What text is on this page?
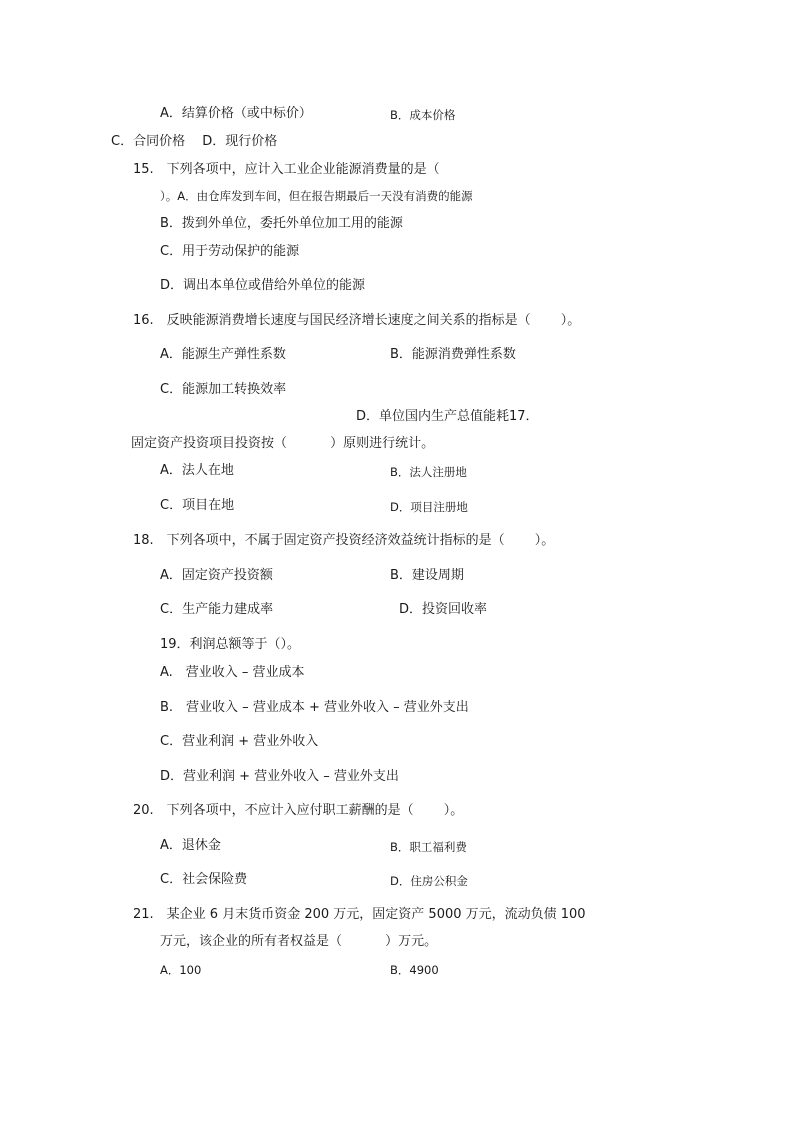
A．结算价格（或中标价）	B．成本价格
C．合同价格　 D．现行价格
15.　下列各项中，应计入工业企业能源消费量的是（
）。A．由仓库发到车间，但在报告期最后一天没有消费的能源
B．拨到外单位，委托外单位加工用的能源
C．用于劳动保护的能源
D．调出本单位或借给外单位的能源
16.　反映能源消费增长速度与国民经济增长速度之间关系的指标是（　　 ）。
A．能源生产弹性系数	B．能源消费弹性系数
C．能源加工转换效率
D．单位国内生产总值能耗17．
固定资产投资项目投资按（　　　 ）原则进行统计。
A．法人在地	B．法人注册地
C．项目在地	D．项目注册地
18.　下列各项中，不属于固定资产投资经济效益统计指标的是（　　 ）。
A．固定资产投资额	B．建设周期
C．生产能力建成率	D．投资回收率
19．利润总额等于（）。
A.　营业收入 – 营业成本
B.　营业收入 – 营业成本 + 营业外收入 – 营业外支出
C．营业利润 + 营业外收入
D．营业利润 + 营业外收入 – 营业外支出
20.　下列各项中，不应计入应付职工薪酬的是（　　 ）。
A．退休金	B．职工福利费
C．社会保险费	D．住房公积金
21.　某企业 6 月末货币资金 200 万元，固定资产 5000 万元，流动负债 100
万元，该企业的所有者权益是（　　　 ）万元。
A．100	B．4900
